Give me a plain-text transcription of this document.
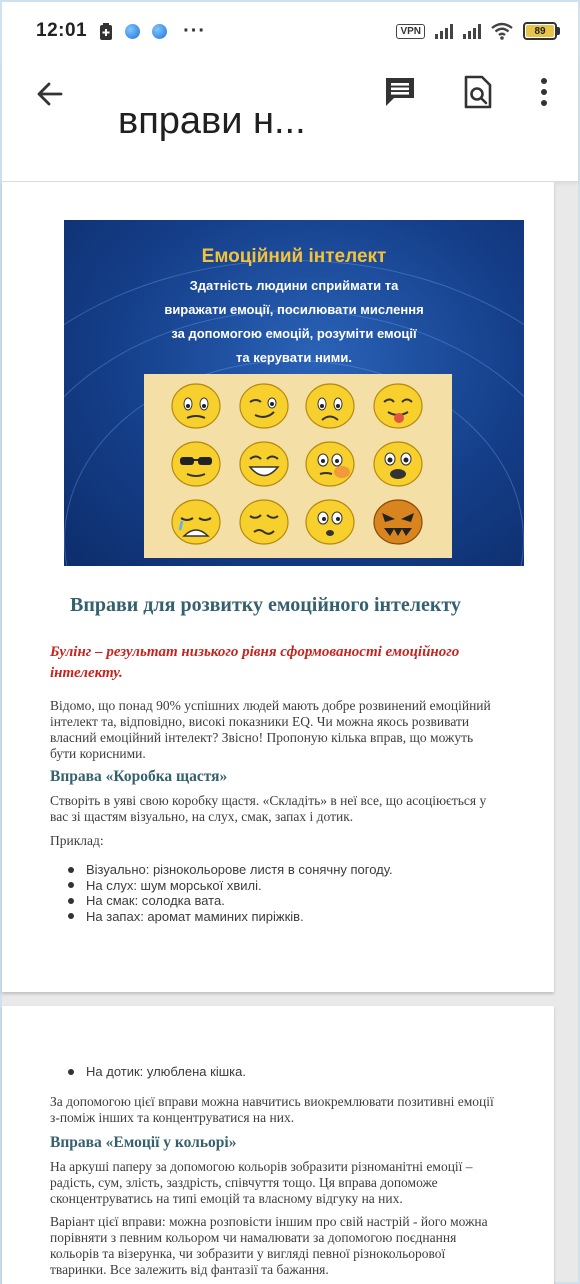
12:01	···	VPN	89
вправи н...
Емоційний інтелект
Здатність людини сприймати та
виражати емоції, посилювати мислення
за допомогою емоцій, розуміти емоції
та керувати ними.
Вправи для розвитку емоційного інтелекту
Булінг – результат низького рівня сформованості емоційного
інтелекту.
Відомо, що понад 90% успішних людей мають добре розвинений емоційний
інтелект та, відповідно, високі показники EQ. Чи можна якось розвивати
власний емоційний інтелект? Звісно! Пропоную кілька вправ, що можуть
бути корисними.
Вправа «Коробка щастя»
Створіть в уяві свою коробку щастя. «Складіть» в неї все, що асоціюється у
вас зі щастям візуально, на слух, смак, запах і дотик.
Приклад:
Візуально: різнокольорове листя в сонячну погоду.
На слух: шум морської хвилі.
На смак: солодка вата.
На запах: аромат маминих пиріжків.
На дотик: улюблена кішка.
За допомогою цієї вправи можна навчитись виокремлювати позитивні емоції
з-поміж інших та концентруватися на них.
Вправа «Емоції у кольорі»
На аркуші паперу за допомогою кольорів зобразити різноманітні емоції –
радість, сум, злість, заздрість, співчуття тощо. Ця вправа допоможе
сконцентруватись на типі емоцій та власному відгуку на них.
Варіант цієї вправи: можна розповісти іншим про свій настрій - його можна
порівняти з певним кольором чи намалювати за допомогою поєднання
кольорів та візерунка, чи зобразити у вигляді певної різнокольорової
тваринки. Все залежить від фантазії та бажання.
